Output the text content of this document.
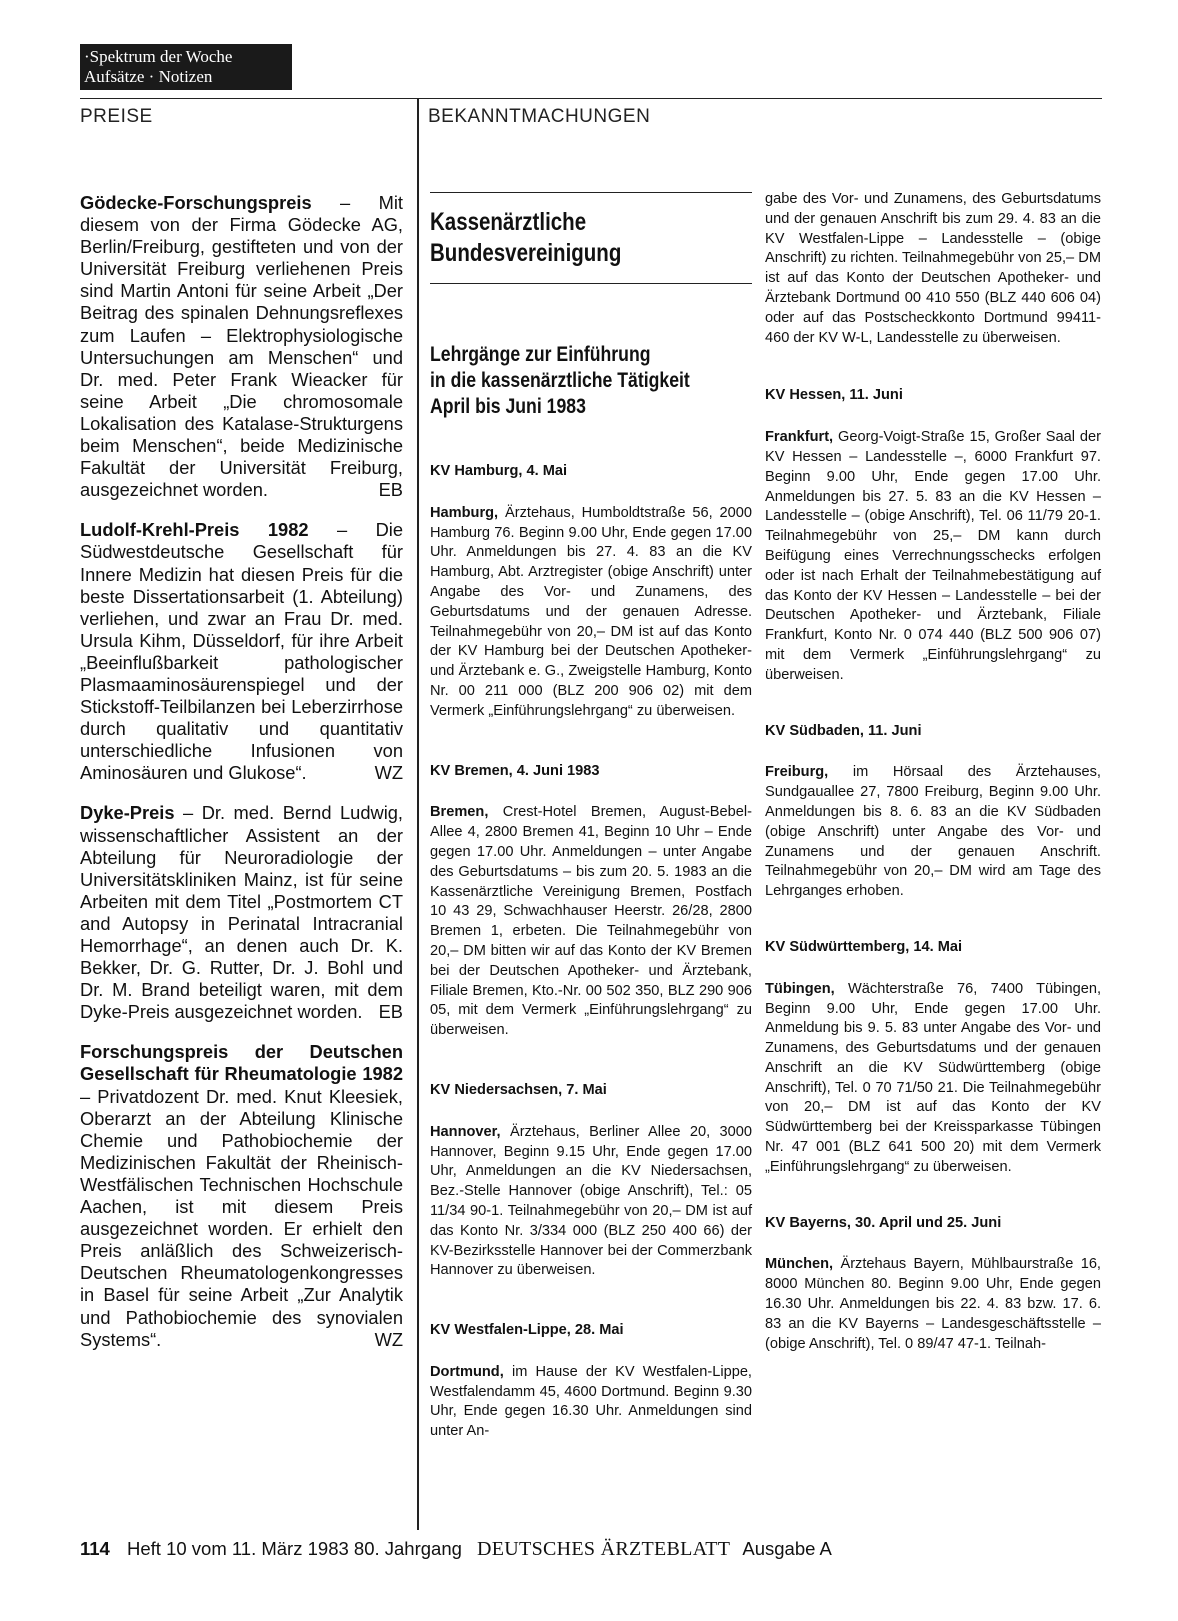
·Spektrum der Woche
Aufsätze · Notizen
PREISE	BEKANNTMACHUNGEN

Gödecke-Forschungspreis – Mit diesem von der Firma Gödecke AG, Berlin/Freiburg, gestifteten und von der Universität Freiburg verliehenen Preis sind Martin Antoni für seine Arbeit „Der Beitrag des spinalen Dehnungsreflexes zum Laufen – Elektrophysiologische Untersuchungen am Menschen“ und Dr. med. Peter Frank Wieacker für seine Arbeit „Die chromosomale Lokalisation des Katalase-Strukturgens beim Menschen“, beide Medizinische Fakultät der Universität Freiburg, ausgezeichnet worden.	EB

Ludolf-Krehl-Preis 1982 – Die Südwestdeutsche Gesellschaft für Innere Medizin hat diesen Preis für die beste Dissertationsarbeit (1. Abteilung) verliehen, und zwar an Frau Dr. med. Ursula Kihm, Düsseldorf, für ihre Arbeit „Beeinflußbarkeit pathologischer Plasmaaminosäurenspiegel und der Stickstoff-Teilbilanzen bei Leberzirrhose durch qualitativ und quantitativ unterschiedliche Infusionen von Aminosäuren und Glukose“.	WZ

Dyke-Preis – Dr. med. Bernd Ludwig, wissenschaftlicher Assistent an der Abteilung für Neuroradiologie der Universitätskliniken Mainz, ist für seine Arbeiten mit dem Titel „Postmortem CT and Autopsy in Perinatal Intracranial Hemorrhage“, an denen auch Dr. K. Bekker, Dr. G. Rutter, Dr. J. Bohl und Dr. M. Brand beteiligt waren, mit dem Dyke-Preis ausgezeichnet worden. EB

Forschungspreis der Deutschen Gesellschaft für Rheumatologie 1982 – Privatdozent Dr. med. Knut Kleesiek, Oberarzt an der Abteilung Klinische Chemie und Pathobiochemie der Medizinischen Fakultät der Rheinisch-Westfälischen Technischen Hochschule Aachen, ist mit diesem Preis ausgezeichnet worden. Er erhielt den Preis anläßlich des Schweizerisch-Deutschen Rheumatologenkongresses in Basel für seine Arbeit „Zur Analytik und Pathobiochemie des synovialen Systems“.	WZ

Kassenärztliche
Bundesvereinigung
Lehrgänge zur Einführung
in die kassenärztliche Tätigkeit
April bis Juni 1983
KV Hamburg, 4. Mai

Hamburg, Ärztehaus, Humboldtstraße 56, 2000 Hamburg 76. Beginn 9.00 Uhr, Ende gegen 17.00 Uhr. Anmeldungen bis 27. 4. 83 an die KV Hamburg, Abt. Arztregister (obige Anschrift) unter Angabe des Vor- und Zunamens, des Geburtsdatums und der genauen Adresse. Teilnahmegebühr von 20,– DM ist auf das Konto der KV Hamburg bei der Deutschen Apotheker- und Ärztebank e. G., Zweigstelle Hamburg, Konto Nr. 00 211 000 (BLZ 200 906 02) mit dem Vermerk „Einführungslehrgang“ zu überweisen.

KV Bremen, 4. Juni 1983

Bremen, Crest-Hotel Bremen, August-Bebel-Allee 4, 2800 Bremen 41, Beginn 10 Uhr – Ende gegen 17.00 Uhr. Anmeldungen – unter Angabe des Geburtsdatums – bis zum 20. 5. 1983 an die Kassenärztliche Vereinigung Bremen, Postfach 10 43 29, Schwachhauser Heerstr. 26/28, 2800 Bremen 1, erbeten. Die Teilnahmegebühr von 20,– DM bitten wir auf das Konto der KV Bremen bei der Deutschen Apotheker- und Ärztebank, Filiale Bremen, Kto.-Nr. 00 502 350, BLZ 290 906 05, mit dem Vermerk „Einführungslehrgang“ zu überweisen.

KV Niedersachsen, 7. Mai

Hannover, Ärztehaus, Berliner Allee 20, 3000 Hannover, Beginn 9.15 Uhr, Ende gegen 17.00 Uhr, Anmeldungen an die KV Niedersachsen, Bez.-Stelle Hannover (obige Anschrift), Tel.: 05 11/34 90-1. Teilnahmegebühr von 20,– DM ist auf das Konto Nr. 3/334 000 (BLZ 250 400 66) der KV-Bezirksstelle Hannover bei der Commerzbank Hannover zu überweisen.

KV Westfalen-Lippe, 28. Mai

Dortmund, im Hause der KV Westfalen-Lippe, Westfalendamm 45, 4600 Dortmund. Beginn 9.30 Uhr, Ende gegen 16.30 Uhr. Anmeldungen sind unter An-

gabe des Vor- und Zunamens, des Geburtsdatums und der genauen Anschrift bis zum 29. 4. 83 an die KV Westfalen-Lippe – Landesstelle – (obige Anschrift) zu richten. Teilnahmegebühr von 25,– DM ist auf das Konto der Deutschen Apotheker- und Ärztebank Dortmund 00 410 550 (BLZ 440 606 04) oder auf das Postscheckkonto Dortmund 99411-460 der KV W-L, Landesstelle zu überweisen.

KV Hessen, 11. Juni

Frankfurt, Georg-Voigt-Straße 15, Großer Saal der KV Hessen – Landesstelle –, 6000 Frankfurt 97. Beginn 9.00 Uhr, Ende gegen 17.00 Uhr. Anmeldungen bis 27. 5. 83 an die KV Hessen – Landesstelle – (obige Anschrift), Tel. 06 11/79 20-1. Teilnahmegebühr von 25,– DM kann durch Beifügung eines Verrechnungsschecks erfolgen oder ist nach Erhalt der Teilnahmebestätigung auf das Konto der KV Hessen – Landesstelle – bei der Deutschen Apotheker- und Ärztebank, Filiale Frankfurt, Konto Nr. 0 074 440 (BLZ 500 906 07) mit dem Vermerk „Einführungslehrgang“ zu überweisen.

KV Südbaden, 11. Juni

Freiburg, im Hörsaal des Ärztehauses, Sundgauallee 27, 7800 Freiburg, Beginn 9.00 Uhr. Anmeldungen bis 8. 6. 83 an die KV Südbaden (obige Anschrift) unter Angabe des Vor- und Zunamens und der genauen Anschrift. Teilnahmegebühr von 20,– DM wird am Tage des Lehrganges erhoben.

KV Südwürttemberg, 14. Mai

Tübingen, Wächterstraße 76, 7400 Tübingen, Beginn 9.00 Uhr, Ende gegen 17.00 Uhr. Anmeldung bis 9. 5. 83 unter Angabe des Vor- und Zunamens, des Geburtsdatums und der genauen Anschrift an die KV Südwürttemberg (obige Anschrift), Tel. 0 70 71/50 21. Die Teilnahmegebühr von 20,– DM ist auf das Konto der KV Südwürttemberg bei der Kreissparkasse Tübingen Nr. 47 001 (BLZ 641 500 20) mit dem Vermerk „Einführungslehrgang“ zu überweisen.

KV Bayerns, 30. April und 25. Juni

München, Ärztehaus Bayern, Mühlbaurstraße 16, 8000 München 80. Beginn 9.00 Uhr, Ende gegen 16.30 Uhr. Anmeldungen bis 22. 4. 83 bzw. 17. 6. 83 an die KV Bayerns – Landesgeschäftsstelle – (obige Anschrift), Tel. 0 89/47 47-1. Teilnah-

114 Heft 10 vom 11. März 1983 80. Jahrgang DEUTSCHES ÄRZTEBLATT Ausgabe A
